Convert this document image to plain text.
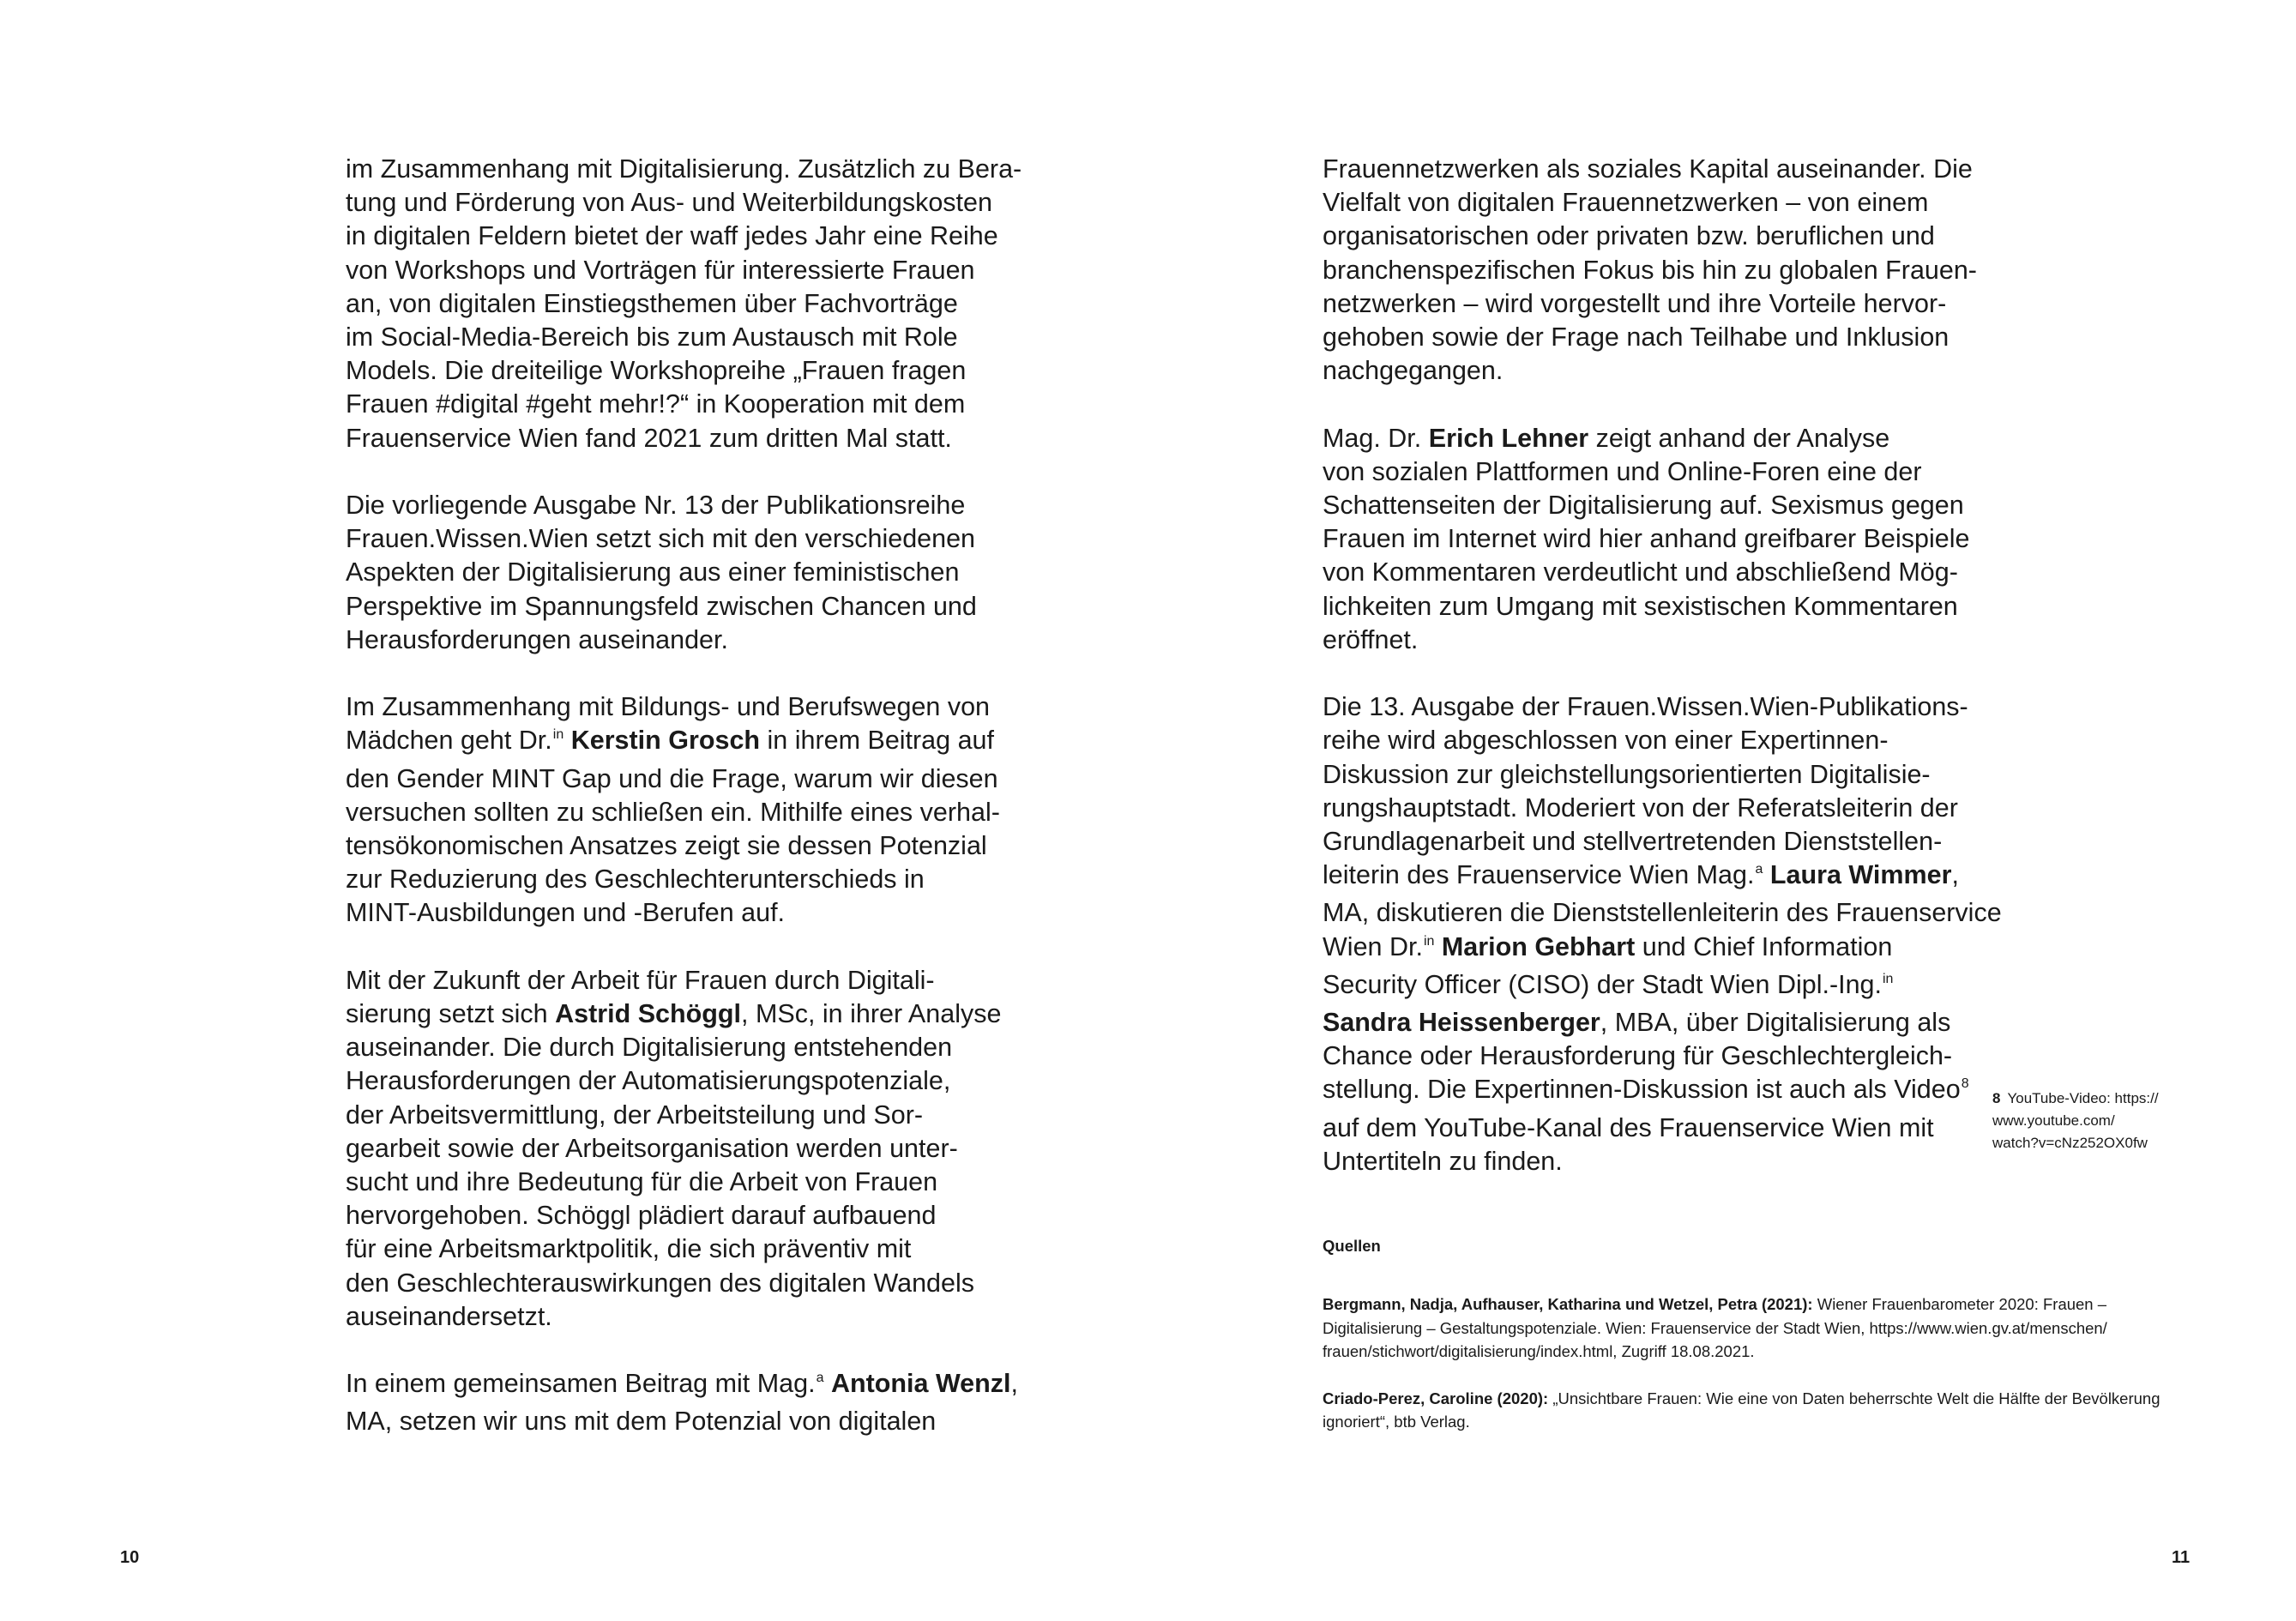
im Zusammenhang mit Digitalisierung. Zusätzlich zu Bera-
tung und Förderung von Aus- und Weiterbildungskosten
in digitalen Feldern bietet der waff jedes Jahr eine Reihe
von Workshops und Vorträgen für interessierte Frauen
an, von digitalen Einstiegsthemen über Fachvorträge
im Social-Media-Bereich bis zum Austausch mit Role
Models. Die dreiteilige Workshopreihe „Frauen fragen
Frauen #digital #geht mehr!?“ in Kooperation mit dem
Frauenservice Wien fand 2021 zum dritten Mal statt.
Die vorliegende Ausgabe Nr. 13 der Publikationsreihe
Frauen.Wissen.Wien setzt sich mit den verschiedenen
Aspekten der Digitalisierung aus einer feministischen
Perspektive im Spannungsfeld zwischen Chancen und
Herausforderungen auseinander.
Im Zusammenhang mit Bildungs- und Berufswegen von
Mädchen geht Dr.$^{in}$ Kerstin Grosch in ihrem Beitrag auf
den Gender MINT Gap und die Frage, warum wir diesen
versuchen sollten zu schließen ein. Mithilfe eines verhal-
tensökonomischen Ansatzes zeigt sie dessen Potenzial
zur Reduzierung des Geschlechterunterschieds in
MINT-Ausbildungen und -Berufen auf.
Mit der Zukunft der Arbeit für Frauen durch Digitali-
sierung setzt sich Astrid Schöggl, MSc, in ihrer Analyse
auseinander. Die durch Digitalisierung entstehenden
Herausforderungen der Automatisierungspotenziale,
der Arbeitsvermittlung, der Arbeitsteilung und Sor-
gearbeit sowie der Arbeitsorganisation werden unter-
sucht und ihre Bedeutung für die Arbeit von Frauen
hervorgehoben. Schöggl plädiert darauf aufbauend
für eine Arbeitsmarktpolitik, die sich präventiv mit
den Geschlechterauswirkungen des digitalen Wandels
auseinandersetzt.
In einem gemeinsamen Beitrag mit Mag.$^a$ Antonia Wenzl,
MA, setzen wir uns mit dem Potenzial von digitalen
Frauennetzwerken als soziales Kapital auseinander. Die
Vielfalt von digitalen Frauennetzwerken – von einem
organisatorischen oder privaten bzw. beruflichen und
branchenspezifischen Fokus bis hin zu globalen Frauen-
netzwerken – wird vorgestellt und ihre Vorteile hervor-
gehoben sowie der Frage nach Teilhabe und Inklusion
nachgegangen.
Mag. Dr. Erich Lehner zeigt anhand der Analyse
von sozialen Plattformen und Online-Foren eine der
Schattenseiten der Digitalisierung auf. Sexismus gegen
Frauen im Internet wird hier anhand greifbarer Beispiele
von Kommentaren verdeutlicht und abschließend Mög-
lichkeiten zum Umgang mit sexistischen Kommentaren
eröffnet.
Die 13. Ausgabe der Frauen.Wissen.Wien-Publikations-
reihe wird abgeschlossen von einer Expertinnen-
Diskussion zur gleichstellungsorientierten Digitalisie-
rungshauptstadt. Moderiert von der Referatsleiterin der
Grundlagenarbeit und stellvertretenden Dienststellen-
leiterin des Frauenservice Wien Mag.$^a$ Laura Wimmer,
MA, diskutieren die Dienststellenleiterin des Frauenservice
Wien Dr.$^{in}$ Marion Gebhart und Chief Information
Security Officer (CISO) der Stadt Wien Dipl.-Ing.$^{in}$
Sandra Heissenberger, MBA, über Digitalisierung als
Chance oder Herausforderung für Geschlechtergleich-
stellung. Die Expertinnen-Diskussion ist auch als Video$^8$
auf dem YouTube-Kanal des Frauenservice Wien mit
Untertiteln zu finden.
8 YouTube-Video: https://
www.youtube.com/
watch?v=cNz252OX0fw
Quellen
Bergmann, Nadja, Aufhauser, Katharina und Wetzel, Petra (2021): Wiener Frauenbarometer 2020: Frauen –
Digitalisierung – Gestaltungspotenziale. Wien: Frauenservice der Stadt Wien, https://www.wien.gv.at/menschen/
frauen/stichwort/digitalisierung/index.html, Zugriff 18.08.2021.
Criado-Perez, Caroline (2020): „Unsichtbare Frauen: Wie eine von Daten beherrschte Welt die Hälfte der Bevölkerung
ignoriert“, btb Verlag.
10	11
